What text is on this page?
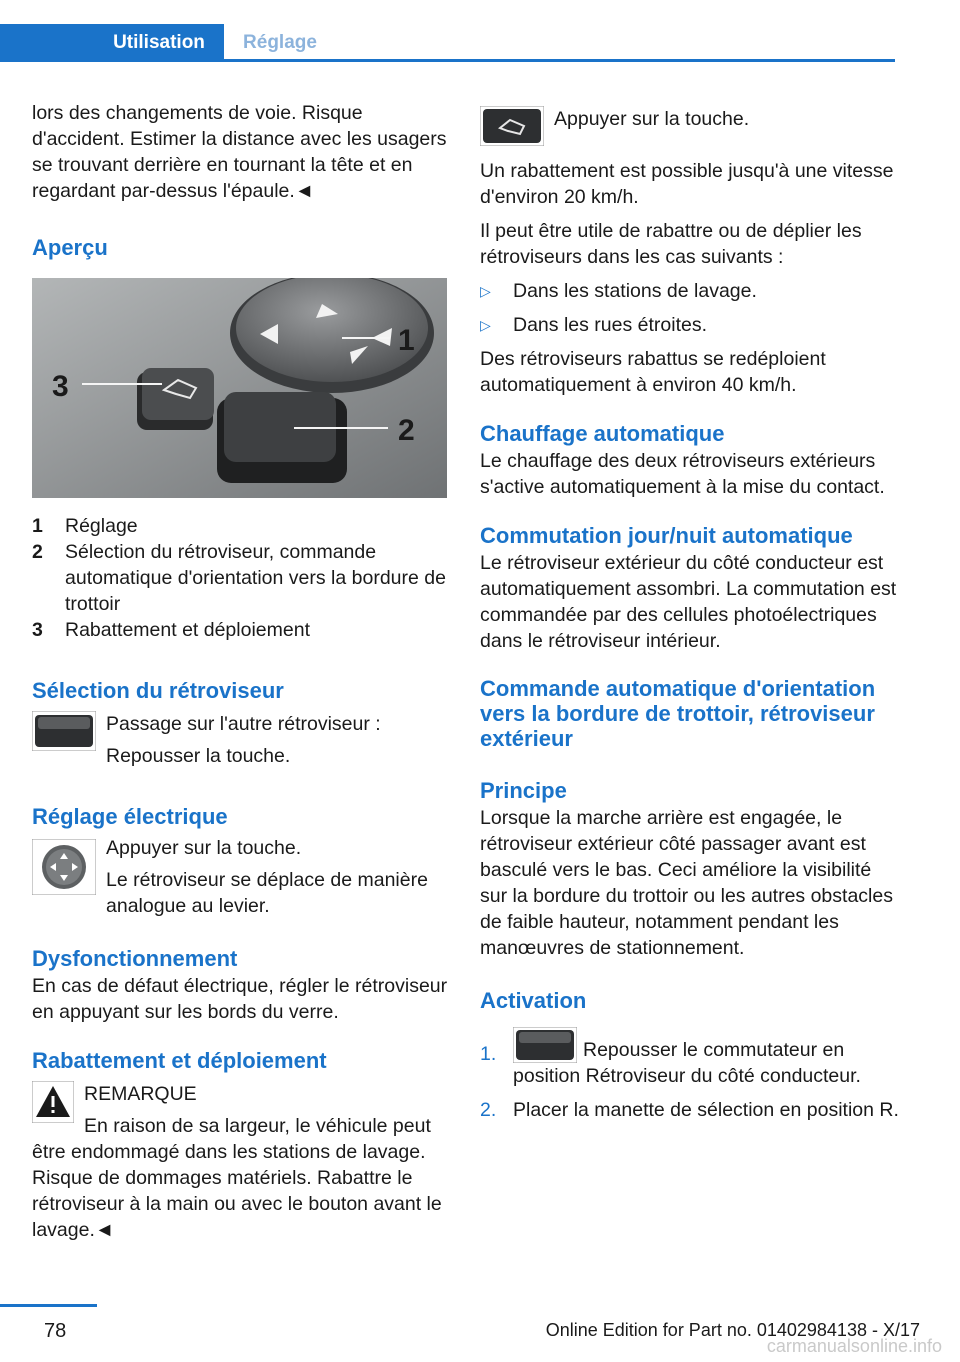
Utilisation	Réglage

lors des changements de voie. Risque d'accident. Estimer la distance avec les usagers se trouvant derrière en tournant la tête et en regardant par-dessus l'épaule.◄

Aperçu

1
2
3
1	Réglage
2	Sélection du rétroviseur, commande automatique d'orientation vers la bordure de trottoir
3	Rabattement et déploiement

Sélection du rétroviseur

Passage sur l'autre rétroviseur :

Repousser la touche.

Réglage électrique

Appuyer sur la touche.

Le rétroviseur se déplace de manière analogue au levier.

Dysfonctionnement

En cas de défaut électrique, régler le rétroviseur en appuyant sur les bords du verre.

Rabattement et déploiement

REMARQUE

En raison de sa largeur, le véhicule peut être endommagé dans les stations de lavage. Risque de dommages matériels. Rabattre le rétroviseur à la main ou avec le bouton avant le lavage.◄

Appuyer sur la touche.

Un rabattement est possible jusqu'à une vitesse d'environ 20 km/h.

Il peut être utile de rabattre ou de déplier les rétroviseurs dans les cas suivants :

▷	Dans les stations de lavage.
▷	Dans les rues étroites.

Des rétroviseurs rabattus se redéploient automatiquement à environ 40 km/h.

Chauffage automatique

Le chauffage des deux rétroviseurs extérieurs s'active automatiquement à la mise du contact.

Commutation jour/nuit automatique

Le rétroviseur extérieur du côté conducteur est automatiquement assombri. La commutation est commandée par des cellules photoélectriques dans le rétroviseur intérieur.

Commande automatique d'orientation vers la bordure de trottoir, rétroviseur extérieur

Principe

Lorsque la marche arrière est engagée, le rétroviseur extérieur côté passager avant est basculé vers le bas. Ceci améliore la visibilité sur la bordure du trottoir ou les autres obstacles de faible hauteur, notamment pendant les manœuvres de stationnement.

Activation

1.	Repousser le commutateur en position Rétroviseur du côté conducteur.
2. Placer la manette de sélection en position R.
78	Online Edition for Part no. 01402984138 - X/17
carmanualsonline.info
